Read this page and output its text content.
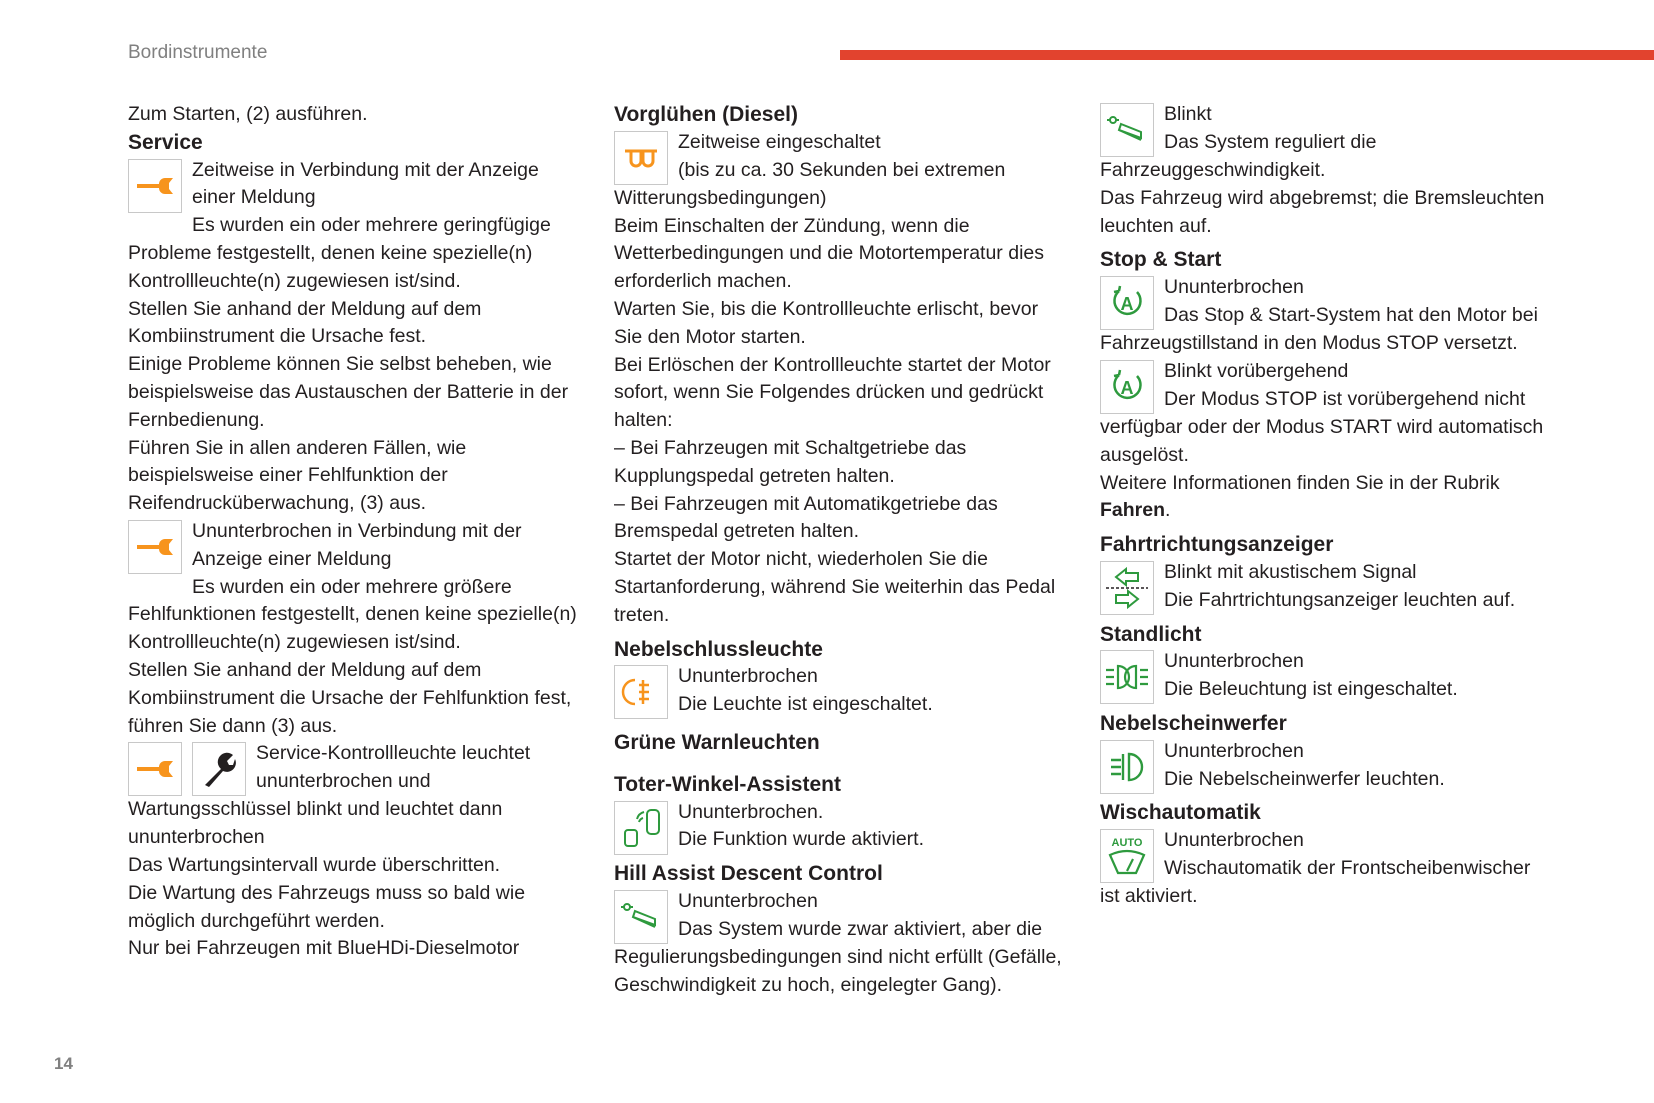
Bordinstrumente

Zum Starten, (2) ausführen.

Service

Zeitweise in Verbindung mit der Anzeige
einer Meldung

Es wurden ein oder mehrere geringfügige Probleme festgestellt, denen keine spezielle(n) Kontrollleuchte(n) zugewiesen ist/sind.

Stellen Sie anhand der Meldung auf dem Kombiinstrument die Ursache fest.

Einige Probleme können Sie selbst beheben, wie beispielsweise das Austauschen der Batterie in der Fernbedienung.

Führen Sie in allen anderen Fällen, wie beispielsweise einer Fehlfunktion der Reifendrucküberwachung, (3) aus.

Ununterbrochen in Verbindung mit der
Anzeige einer Meldung

Es wurden ein oder mehrere größere Fehlfunktionen festgestellt, denen keine spezielle(n) Kontrollleuchte(n) zugewiesen ist/sind.

Stellen Sie anhand der Meldung auf dem Kombiinstrument die Ursache der Fehlfunktion fest, führen Sie dann (3) aus.

Service-Kontrollleuchte leuchtet
ununterbrochen und

Wartungsschlüssel blinkt und leuchtet dann ununterbrochen

Das Wartungsintervall wurde überschritten.

Die Wartung des Fahrzeugs muss so bald wie möglich durchgeführt werden.

Nur bei Fahrzeugen mit BlueHDi-Dieselmotor

Vorglühen (Diesel)

Zeitweise eingeschaltet
(bis zu ca. 30 Sekunden bei extremen

Witterungsbedingungen)

Beim Einschalten der Zündung, wenn die Wetterbedingungen und die Motortemperatur dies erforderlich machen.

Warten Sie, bis die Kontrollleuchte erlischt, bevor Sie den Motor starten.

Bei Erlöschen der Kontrollleuchte startet der Motor sofort, wenn Sie Folgendes drücken und gedrückt halten:

– Bei Fahrzeugen mit Schaltgetriebe das Kupplungspedal getreten halten.

– Bei Fahrzeugen mit Automatikgetriebe das Bremspedal getreten halten.

Startet der Motor nicht, wiederholen Sie die Startanforderung, während Sie weiterhin das Pedal treten.

Nebelschlussleuchte

Ununterbrochen
Die Leuchte ist eingeschaltet.

Grüne Warnleuchten

Toter-Winkel-Assistent

Ununterbrochen.
Die Funktion wurde aktiviert.

Hill Assist Descent Control

Ununterbrochen
Das System wurde zwar aktiviert, aber die

Regulierungsbedingungen sind nicht erfüllt (Gefälle, Geschwindigkeit zu hoch, eingelegter Gang).

Blinkt
Das System reguliert die

Fahrzeuggeschwindigkeit.

Das Fahrzeug wird abgebremst; die Bremsleuchten leuchten auf.

Stop & Start

A
Ununterbrochen
Das Stop & Start-System hat den Motor bei

Fahrzeugstillstand in den Modus STOP versetzt.

A
Blinkt vorübergehend
Der Modus STOP ist vorübergehend nicht

verfügbar oder der Modus START wird automatisch ausgelöst.

Weitere Informationen finden Sie in der Rubrik Fahren.

Fahrtrichtungsanzeiger

Blinkt mit akustischem Signal
Die Fahrtrichtungsanzeiger leuchten auf.

Standlicht

Ununterbrochen
Die Beleuchtung ist eingeschaltet.

Nebelscheinwerfer

Ununterbrochen
Die Nebelscheinwerfer leuchten.

Wischautomatik

AUTO	Ununterbrochen
Wischautomatik der Frontscheibenwischer

ist aktiviert.

14
